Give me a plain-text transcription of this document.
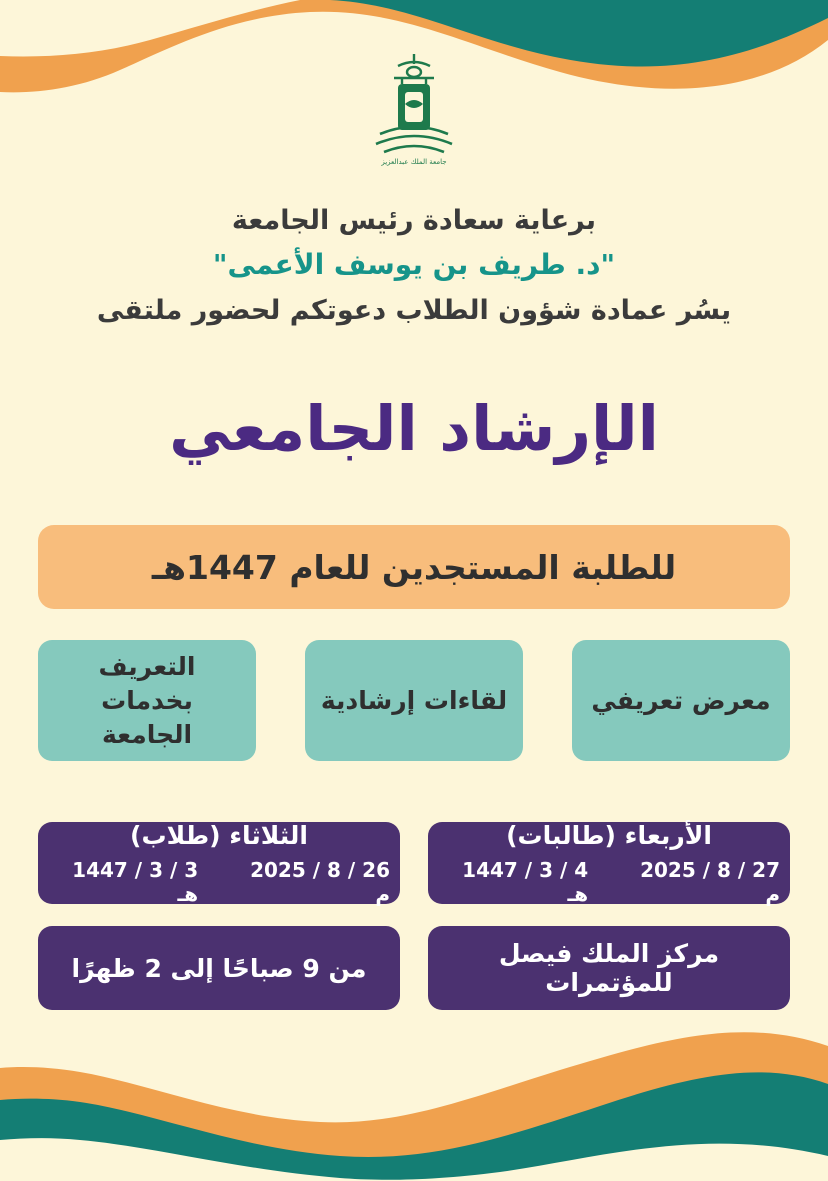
جامعة الملك عبدالعزيز
برعاية سعادة رئيس الجامعة
"د. طريف بن يوسف الأعمى"
يسُر عمادة شؤون الطلاب دعوتكم لحضور ملتقى
الإرشاد الجامعي
للطلبة المستجدين للعام 1447هـ
التعريف بخدمات الجامعة
لقاءات إرشادية	معرض تعريفي
الثلاثاء (طلاب)
3 / 3 / 1447 هـ
26 / 8 / 2025 م
الأربعاء (طالبات)
4 / 3 / 1447 هـ
27 / 8 / 2025 م
من 9 صباحًا إلى 2 ظهرًا	مركز الملك فيصل للمؤتمرات
